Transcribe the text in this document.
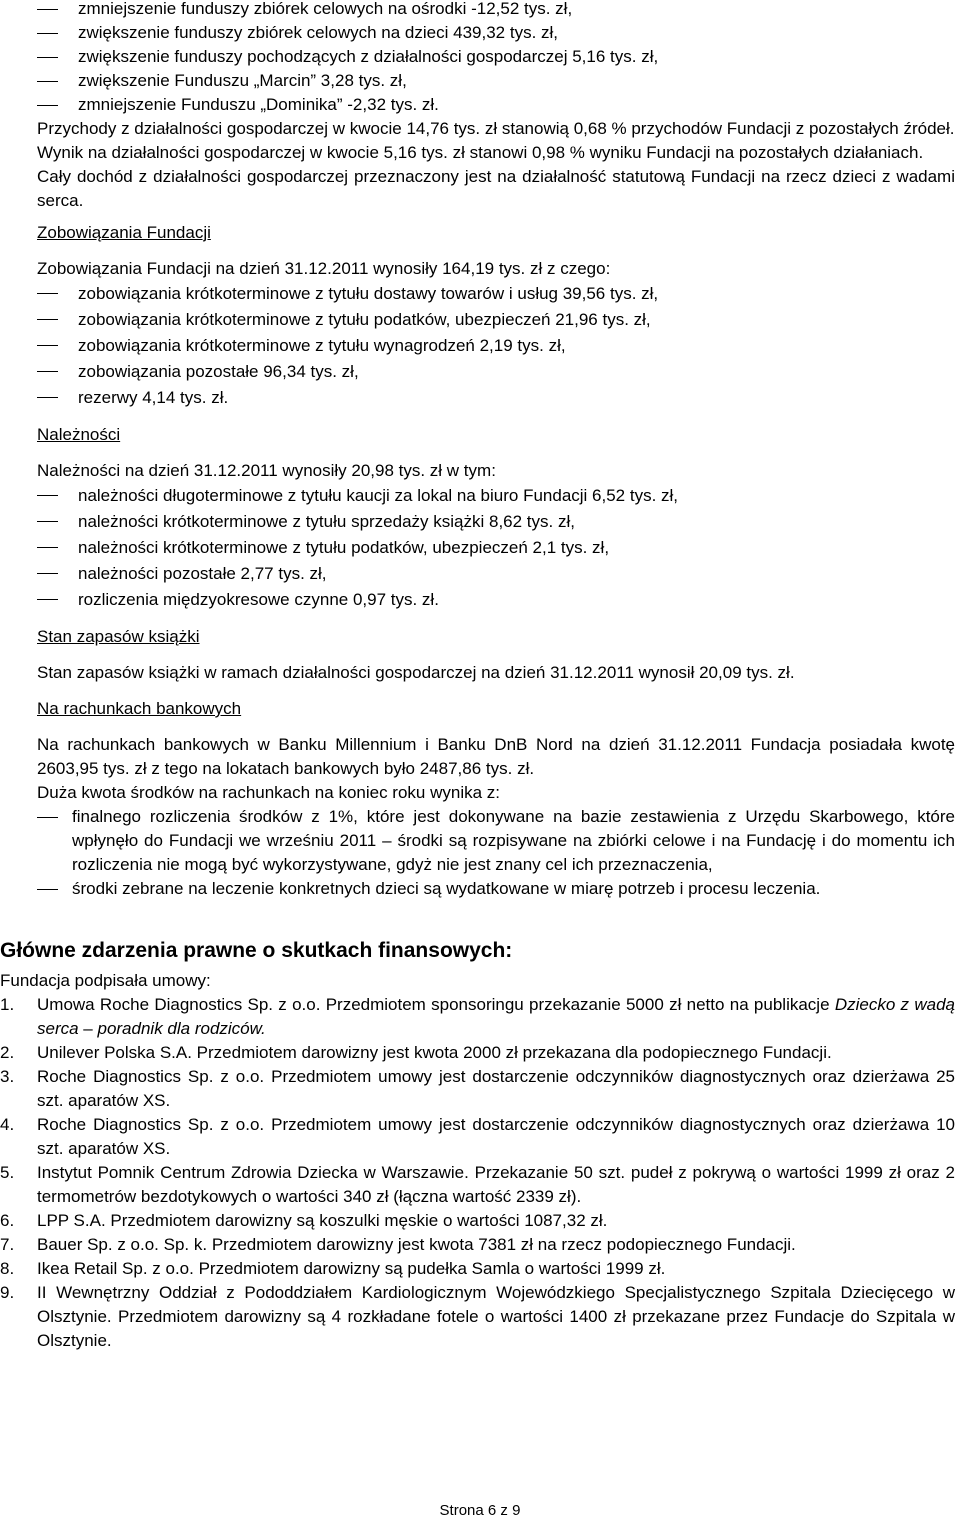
zmniejszenie funduszy zbiórek celowych na ośrodki -12,52 tys. zł,
zwiększenie funduszy zbiórek celowych na dzieci 439,32 tys. zł,
zwiększenie funduszy pochodzących z działalności gospodarczej 5,16 tys. zł,
zwiększenie Funduszu „Marcin” 3,28 tys. zł,
zmniejszenie Funduszu „Dominika” -2,32 tys. zł.
Przychody z działalności gospodarczej w kwocie 14,76 tys. zł stanowią 0,68 % przychodów Fundacji z pozostałych źródeł.
Wynik na działalności gospodarczej w kwocie 5,16 tys. zł stanowi 0,98 % wyniku Fundacji na pozostałych działaniach.
Cały dochód z działalności gospodarczej przeznaczony jest na działalność statutową Fundacji na rzecz dzieci z wadami serca.
Zobowiązania Fundacji
Zobowiązania Fundacji na dzień 31.12.2011 wynosiły 164,19 tys. zł z czego:
zobowiązania krótkoterminowe z tytułu dostawy towarów i usług 39,56 tys. zł,
zobowiązania krótkoterminowe z tytułu podatków, ubezpieczeń 21,96 tys. zł,
zobowiązania krótkoterminowe z tytułu wynagrodzeń 2,19 tys. zł,
zobowiązania pozostałe 96,34 tys. zł,
rezerwy 4,14 tys. zł.
Należności
Należności na dzień 31.12.2011 wynosiły 20,98 tys. zł w tym:
należności długoterminowe z tytułu kaucji za lokal na biuro Fundacji 6,52 tys. zł,
należności krótkoterminowe z tytułu sprzedaży książki 8,62 tys. zł,
należności krótkoterminowe z tytułu podatków, ubezpieczeń 2,1 tys. zł,
należności pozostałe 2,77 tys. zł,
rozliczenia międzyokresowe czynne 0,97 tys. zł.
Stan zapasów książki
Stan zapasów książki w ramach działalności gospodarczej na dzień 31.12.2011 wynosił 20,09 tys. zł.
Na rachunkach bankowych
Na rachunkach bankowych w Banku Millennium i Banku DnB Nord na dzień 31.12.2011 Fundacja posiadała kwotę 2603,95 tys. zł z tego na lokatach bankowych było 2487,86 tys. zł.
Duża kwota środków na rachunkach na koniec roku wynika z:
finalnego rozliczenia środków z 1%, które jest dokonywane na bazie zestawienia z Urzędu Skarbowego, które wpłynęło do Fundacji we wrześniu 2011 – środki są rozpisywane na zbiórki celowe i na Fundację i do momentu ich rozliczenia nie mogą być wykorzystywane, gdyż nie jest znany cel ich przeznaczenia,
środki zebrane na leczenie konkretnych dzieci są wydatkowane w miarę potrzeb i procesu leczenia.
Główne zdarzenia prawne o skutkach finansowych:
Fundacja podpisała umowy:
1. Umowa Roche Diagnostics Sp. z o.o. Przedmiotem sponsoringu przekazanie 5000 zł netto na publikacje Dziecko z wadą serca – poradnik dla rodziców.
2. Unilever Polska S.A. Przedmiotem darowizny jest kwota 2000 zł przekazana dla podopiecznego Fundacji.
3. Roche Diagnostics Sp. z o.o. Przedmiotem umowy jest dostarczenie odczynników diagnostycznych oraz dzierżawa 25 szt. aparatów XS.
4. Roche Diagnostics Sp. z o.o. Przedmiotem umowy jest dostarczenie odczynników diagnostycznych oraz dzierżawa 10 szt. aparatów XS.
5. Instytut Pomnik Centrum Zdrowia Dziecka w Warszawie. Przekazanie 50 szt. pudeł z pokrywą o wartości 1999 zł oraz 2 termometrów bezdotykowych o wartości 340 zł (łączna wartość 2339 zł).
6. LPP S.A. Przedmiotem darowizny są koszulki męskie o wartości 1087,32 zł.
7. Bauer Sp. z o.o. Sp. k. Przedmiotem darowizny jest kwota 7381 zł na rzecz podopiecznego Fundacji.
8. Ikea Retail Sp. z o.o. Przedmiotem darowizny są pudełka Samla o wartości 1999 zł.
9. II Wewnętrzny Oddział z Pododdziałem Kardiologicznym Wojewódzkiego Specjalistycznego Szpitala Dziecięcego w Olsztynie. Przedmiotem darowizny są 4 rozkładane fotele o wartości 1400 zł przekazane przez Fundacje do Szpitala w Olsztynie.
Strona 6 z 9
